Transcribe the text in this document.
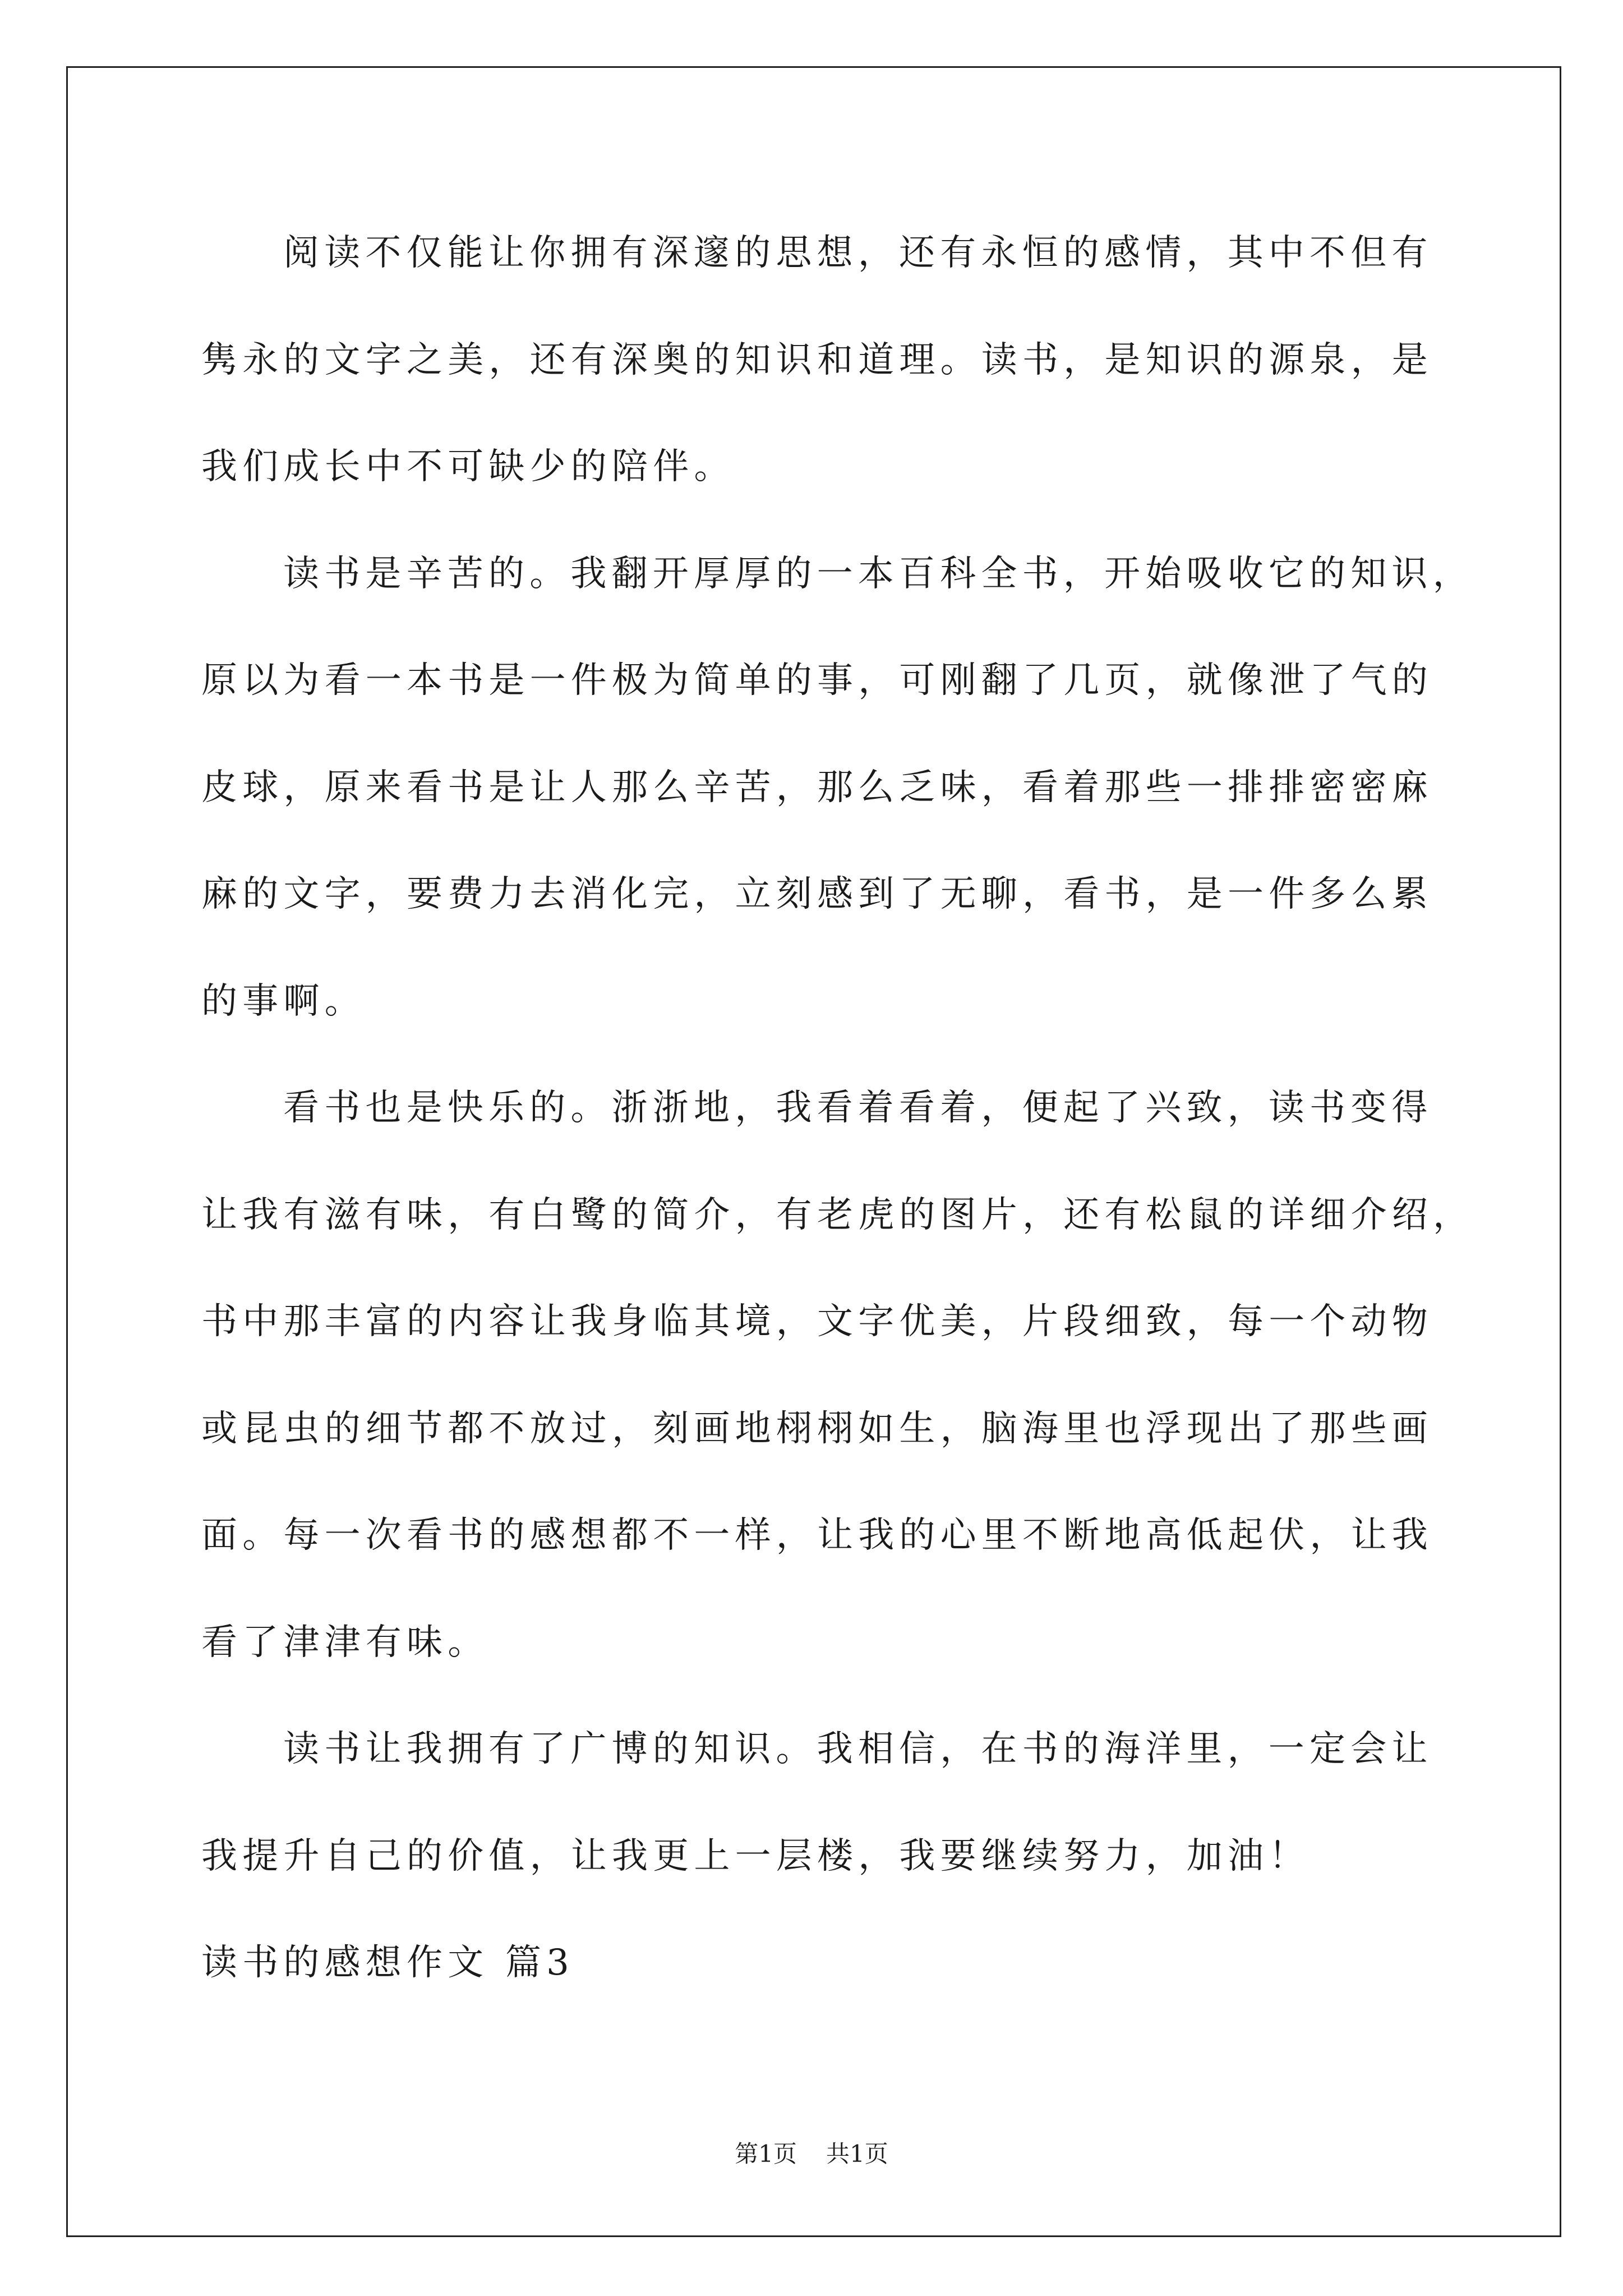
阅读不仅能让你拥有深邃的思想，还有永恒的感情，其中不但有
隽永的文字之美，还有深奥的知识和道理。读书，是知识的源泉，是
我们成长中不可缺少的陪伴。
读书是辛苦的。我翻开厚厚的一本百科全书，开始吸收它的知识，
原以为看一本书是一件极为简单的事，可刚翻了几页，就像泄了气的
皮球，原来看书是让人那么辛苦，那么乏味，看着那些一排排密密麻
麻的文字，要费力去消化完，立刻感到了无聊，看书，是一件多么累
的事啊。
看书也是快乐的。浙浙地，我看着看着，便起了兴致，读书变得
让我有滋有味，有白鹭的简介，有老虎的图片，还有松鼠的详细介绍，
书中那丰富的内容让我身临其境，文字优美，片段细致，每一个动物
或昆虫的细节都不放过，刻画地栩栩如生，脑海里也浮现出了那些画
面。每一次看书的感想都不一样，让我的心里不断地高低起伏，让我
看了津津有味。
读书让我拥有了广博的知识。我相信，在书的海洋里，一定会让
我提升自己的价值，让我更上一层楼，我要继续努力，加油！
读书的感想作文 篇3
第1页 共1页
